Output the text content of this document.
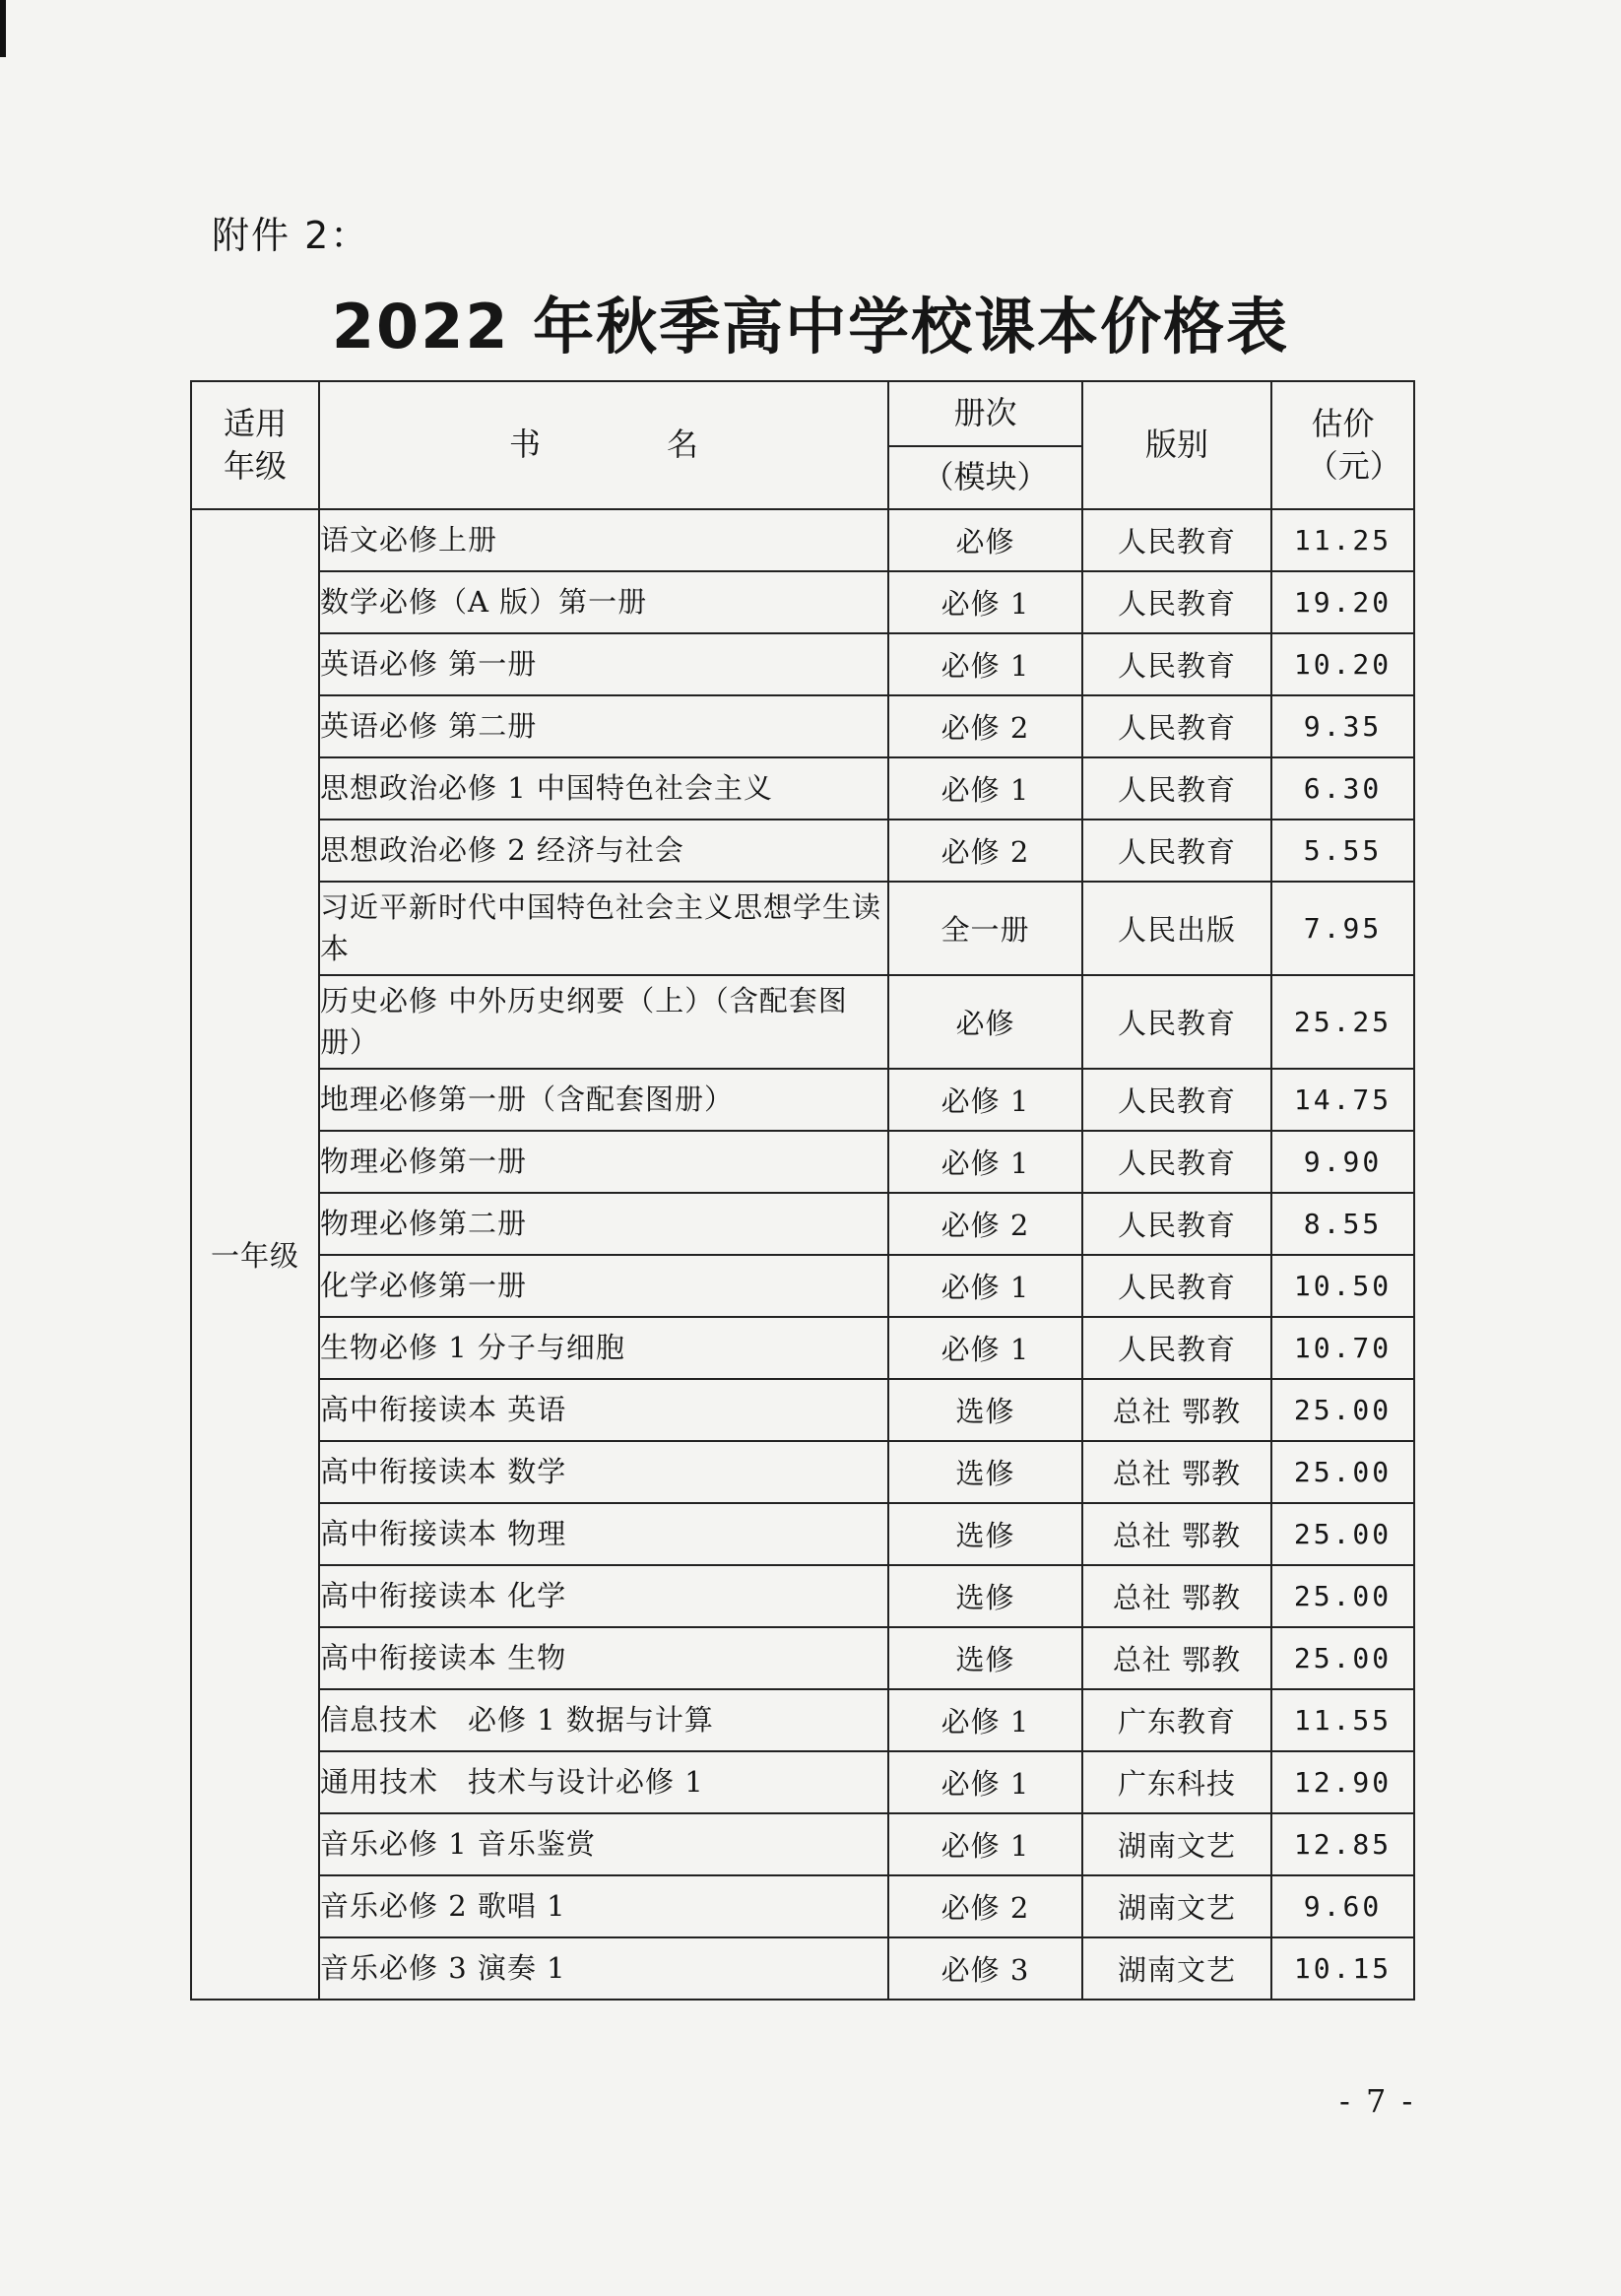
附件 2：
2022 年秋季高中学校课本价格表
适用年级	书　　　　名	册次	版别	估价（元）
		（模块）		
一年级	语文必修上册	必修	人民教育	11.25
	数学必修（A 版）第一册	必修 1	人民教育	19.20
	英语必修 第一册	必修 1	人民教育	10.20
	英语必修 第二册	必修 2	人民教育	9.35
	思想政治必修 1 中国特色社会主义	必修 1	人民教育	6.30
	思想政治必修 2 经济与社会	必修 2	人民教育	5.55
	习近平新时代中国特色社会主义思想学生读本	全一册	人民出版	7.95
	历史必修 中外历史纲要（上）（含配套图册）	必修	人民教育	25.25
	地理必修第一册（含配套图册）	必修 1	人民教育	14.75
	物理必修第一册	必修 1	人民教育	9.90
	物理必修第二册	必修 2	人民教育	8.55
	化学必修第一册	必修 1	人民教育	10.50
	生物必修 1 分子与细胞	必修 1	人民教育	10.70
	高中衔接读本 英语	选修	总社 鄂教	25.00
	高中衔接读本 数学	选修	总社 鄂教	25.00
	高中衔接读本 物理	选修	总社 鄂教	25.00
	高中衔接读本 化学	选修	总社 鄂教	25.00
	高中衔接读本 生物	选修	总社 鄂教	25.00
	信息技术　必修 1 数据与计算	必修 1	广东教育	11.55
	通用技术　技术与设计必修 1	必修 1	广东科技	12.90
	音乐必修 1 音乐鉴赏	必修 1	湖南文艺	12.85
	音乐必修 2 歌唱 1	必修 2	湖南文艺	9.60
	音乐必修 3 演奏 1	必修 3	湖南文艺	10.15
- 7 -
